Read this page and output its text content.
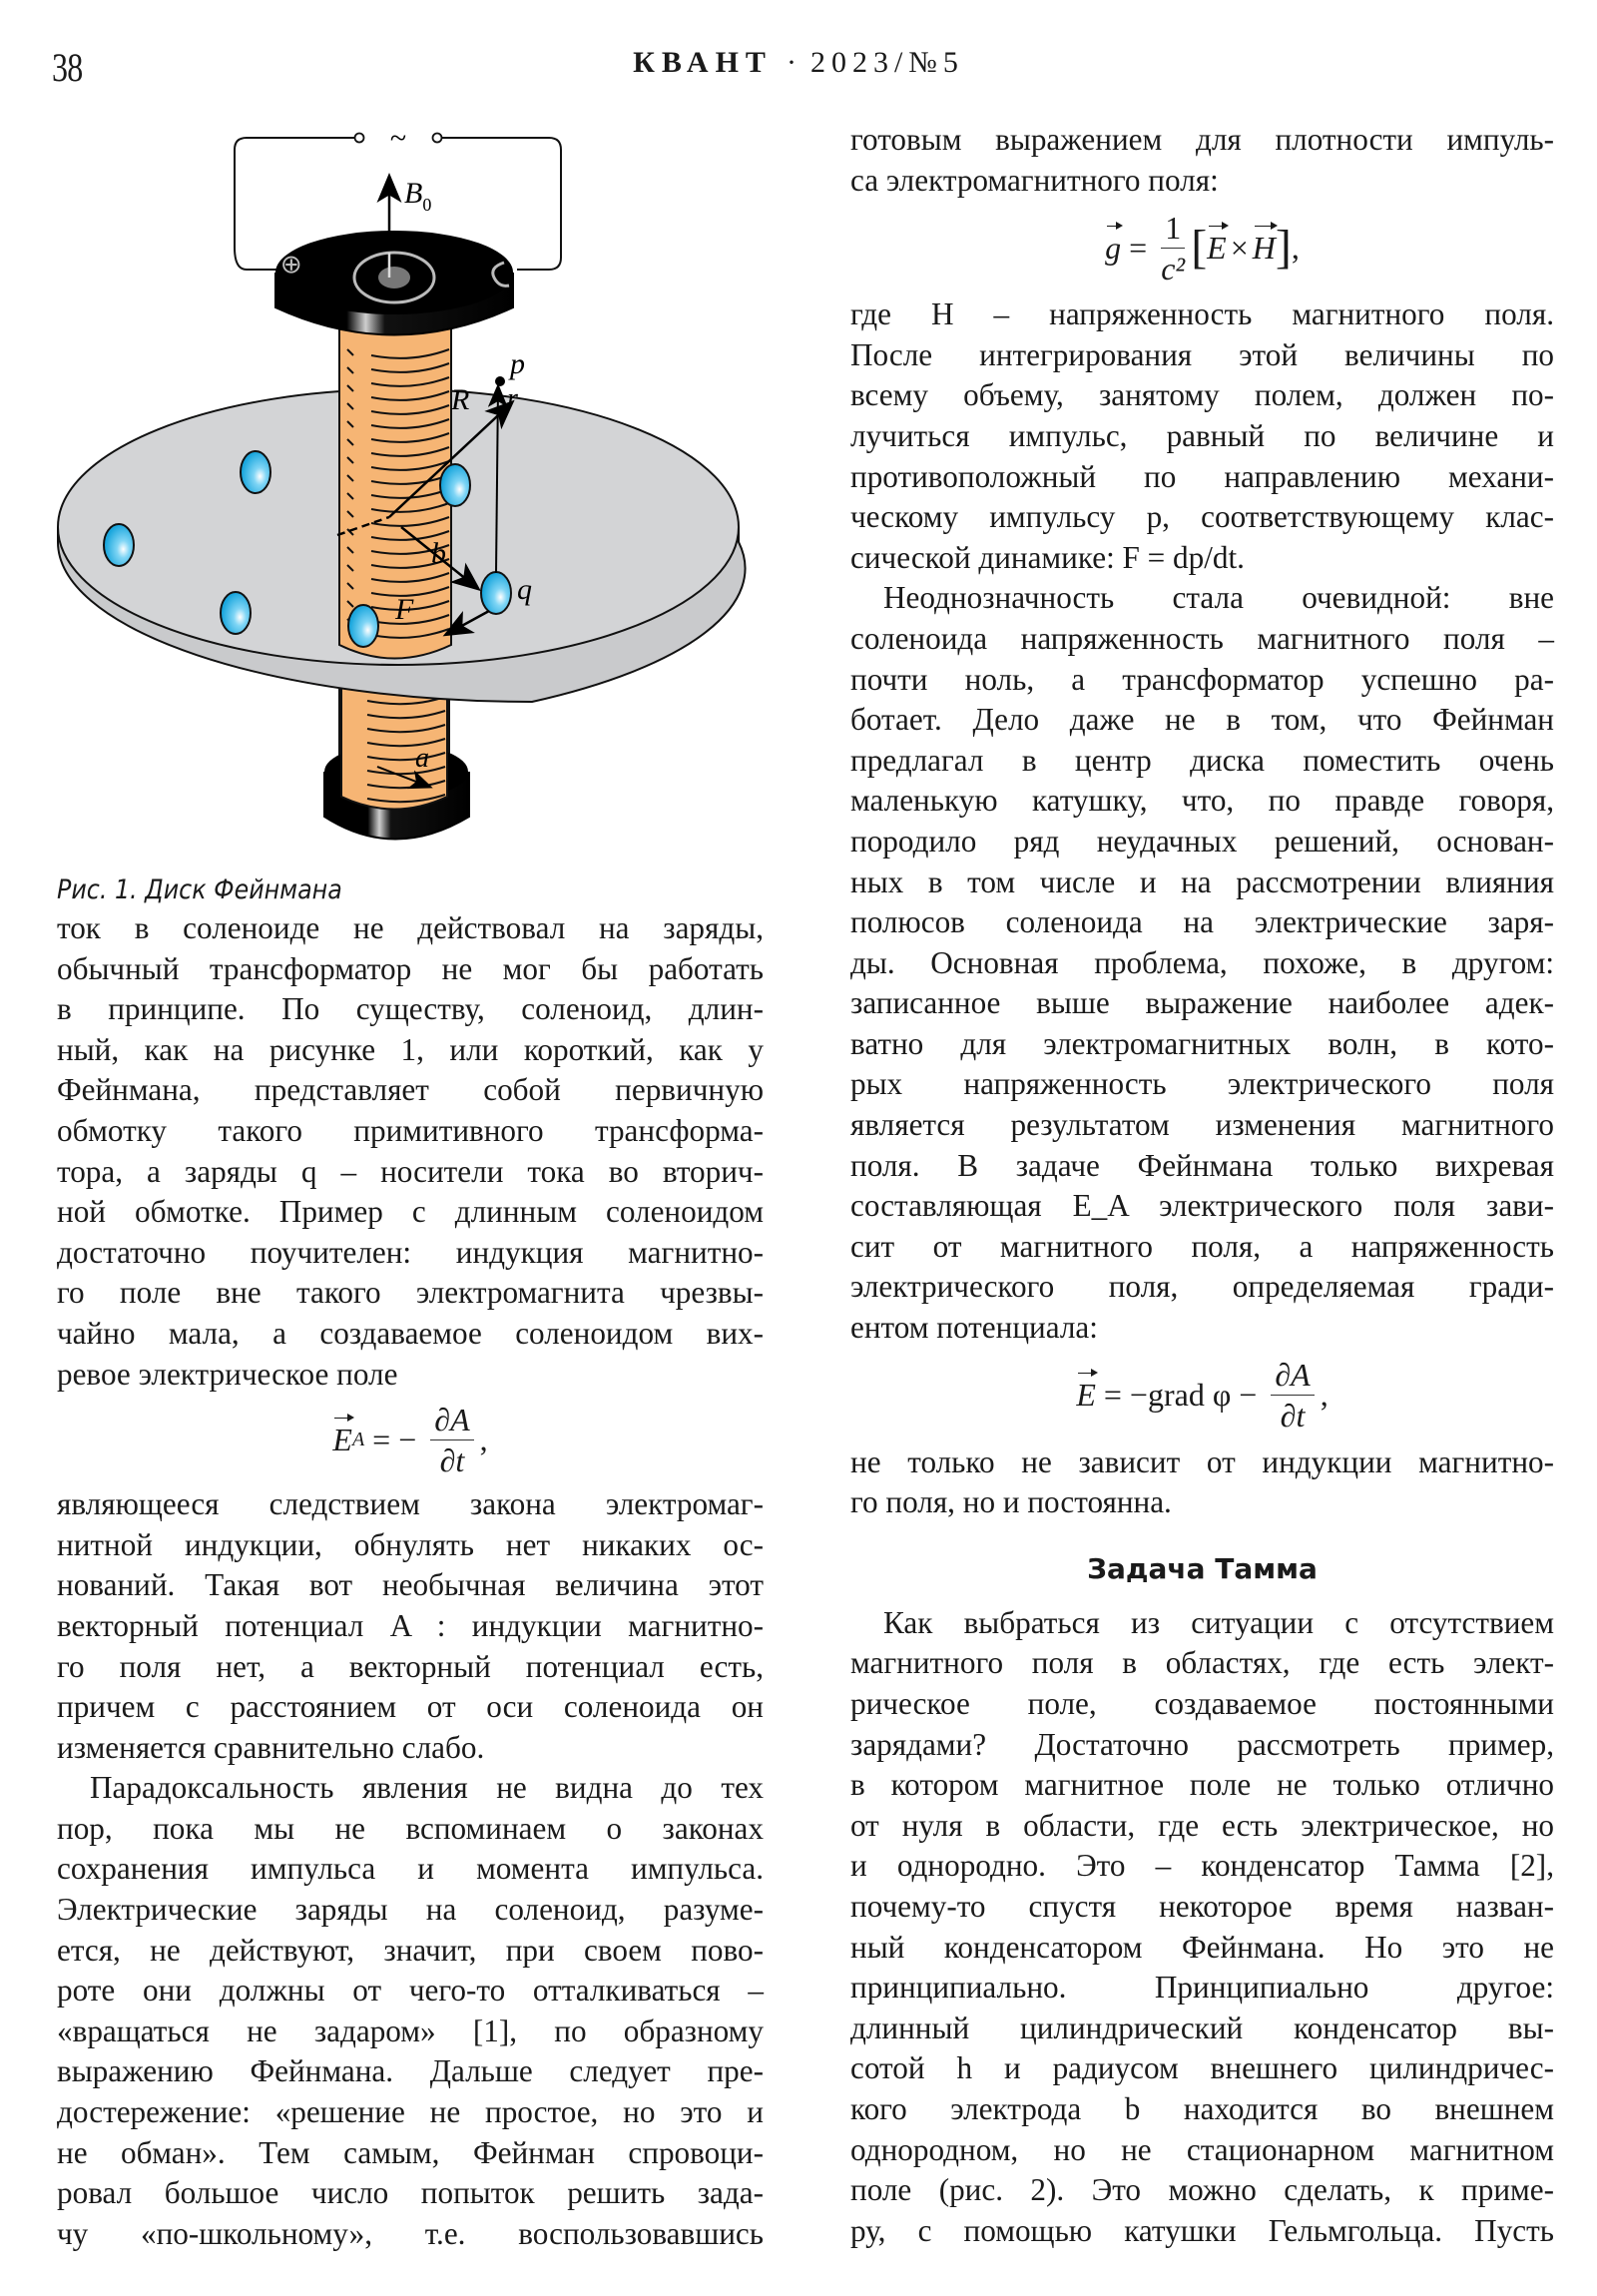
38	КВАНТ · 2023/№5
~
$B_0$
a
⊕
R
p
r
b
q
F
Рис. 1. Диск Фейнмана

ток в соленоиде не действовал на заряды,
обычный трансформатор не мог бы работать
в принципе. По существу, соленоид, длин-
ный, как на рисунке 1, или короткий, как у
Фейнмана, представляет собой первичную
обмотку такого примитивного трансформа-
тора, а заряды q – носители тока во вторич-
ной обмотке. Пример с длинным соленоидом
достаточно поучителен: индукция магнитно-
го поле вне такого электромагнита чрезвы-
чайно мала, а создаваемое соленоидом вих-
ревое электрическое поле

E A = − $\frac{\partial A}{\partial t}$ ,

являющееся следствием закона электромаг-
нитной индукции, обнулять нет никаких ос-
нований. Такая вот необычная величина этот
векторный потенциал A : индукции магнитно-
го поля нет, а векторный потенциал есть,
причем с расстоянием от оси соленоида он
изменяется сравнительно слабо.

Парадоксальность явления не видна до тех
пор, пока мы не вспоминаем о законах
сохранения импульса и момента импульса.
Электрические заряды на соленоид, разуме-
ется, не действуют, значит, при своем пово-
роте они должны от чего-то отталкиваться –
«вращаться не задаром» [1], по образному
выражению Фейнмана. Дальше следует пре-
достережение: «решение не простое, но это и
не обман». Тем самым, Фейнман спровоци-
ровал большое число попыток решить зада-
чу «по-школьному», т.е. воспользовавшись

готовым выражением для плотности импуль-
са электромагнитного поля:

$g = \frac{1}{\text{c²}}$ [ E × H ] ,

где H – напряженность магнитного поля.
После интегрирования этой величины по
всему объему, занятому полем, должен по-
лучиться импульс, равный по величине и
противоположный по направлению механи-
ческому импульсу p, соответствующему клас-
сической динамике: F = dp/dt.

Неоднозначность стала очевидной: вне
соленоида напряженность магнитного поля –
почти ноль, а трансформатор успешно ра-
ботает. Дело даже не в том, что Фейнман
предлагал в центр диска поместить очень
маленькую катушку, что, по правде говоря,
породило ряд неудачных решений, основан-
ных в том числе и на рассмотрении влияния
полюсов соленоида на электрические заря-
ды. Основная проблема, похоже, в другом:
записанное выше выражение наиболее адек-
ватно для электромагнитных волн, в кото-
рых напряженность электрического поля
является результатом изменения магнитного
поля. В задаче Фейнмана только вихревая
составляющая E_A электрического поля зави-
сит от магнитного поля, а напряженность
электрического поля, определяемая гради-
ентом потенциала:

E = −grad $\varphi - \frac{\partial A}{\partial t}$ ,

не только не зависит от индукции магнитно-
го поля, но и постоянна.

Задача Тамма

Как выбраться из ситуации с отсутствием
магнитного поля в областях, где есть элект-
рическое поле, создаваемое постоянными
зарядами? Достаточно рассмотреть пример,
в котором магнитное поле не только отлично
от нуля в области, где есть электрическое, но
и однородно. Это – конденсатор Тамма [2],
почему-то спустя некоторое время назван-
ный конденсатором Фейнмана. Но это не
принципиально. Принципиально другое:
длинный цилиндрический конденсатор вы-
сотой h и радиусом внешнего цилиндричес-
кого электрода b находится во внешнем
однородном, но не стационарном магнитном
поле (рис. 2). Это можно сделать, к приме-
ру, с помощью катушки Гельмгольца. Пусть
